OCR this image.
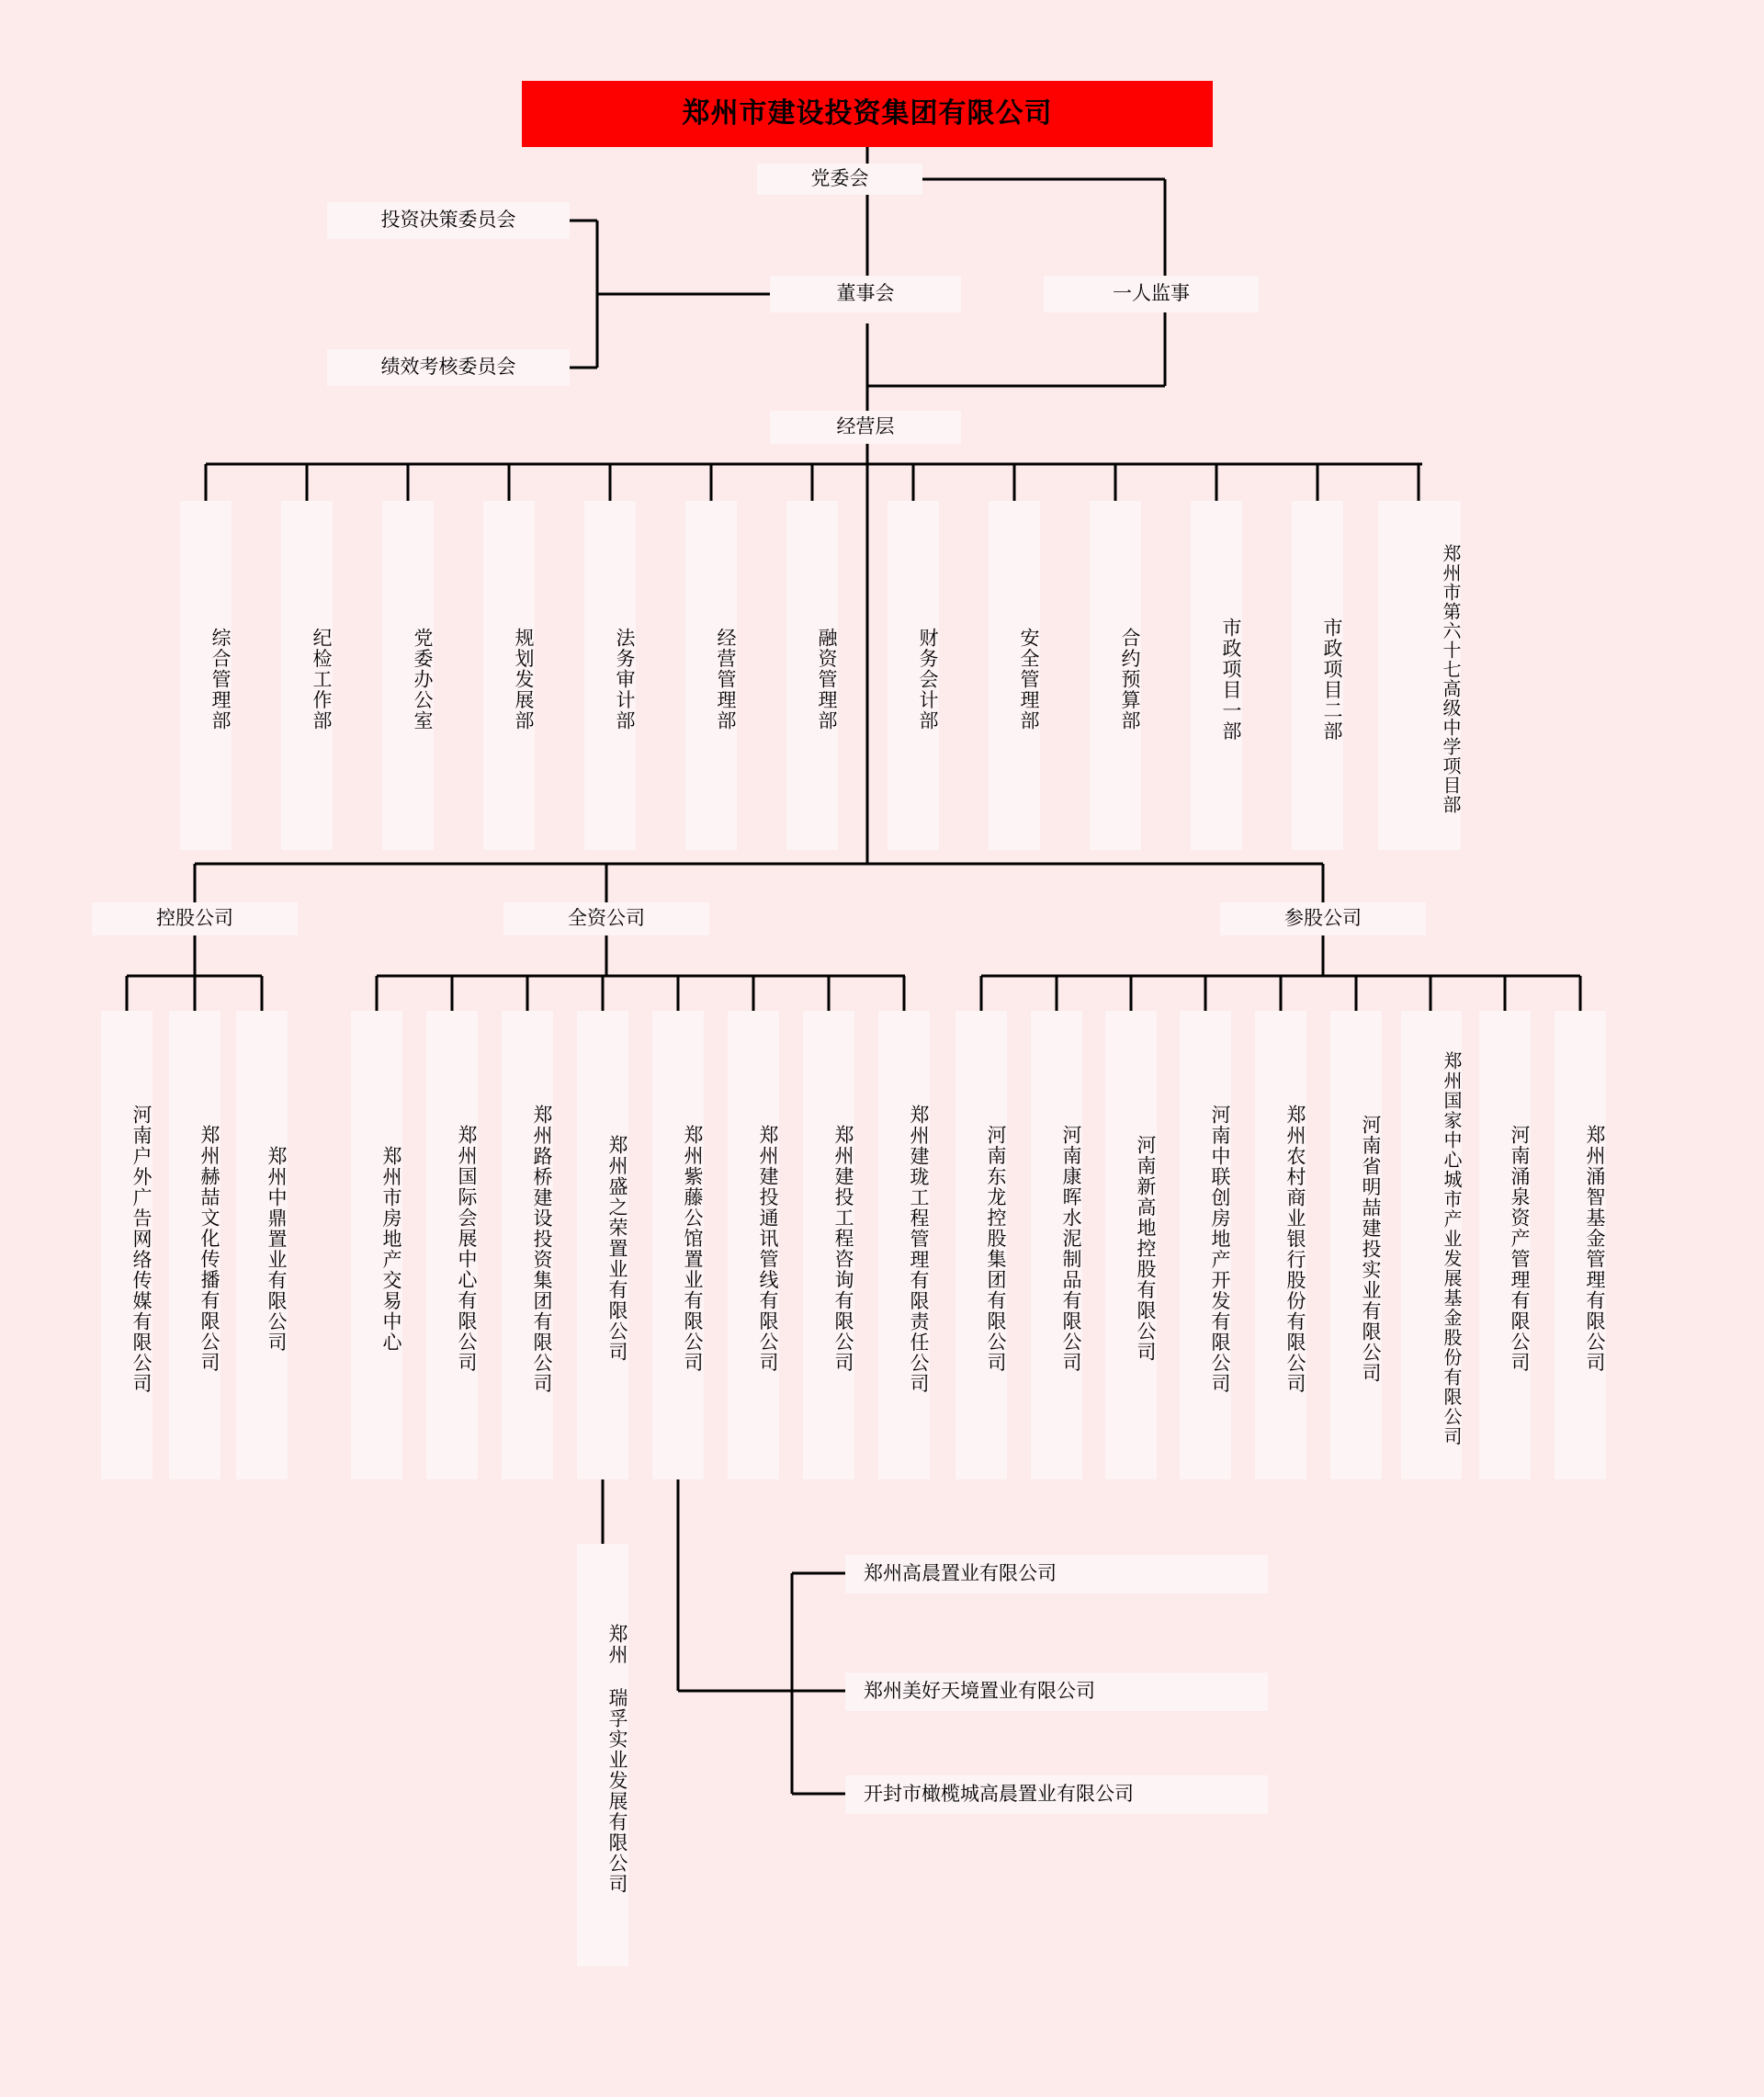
郑州市建设投资集团有限公司
党委会
董事会	一人监事
投资决策委员会
绩效考核委员会
经营层
综合管理部	纪检工作部	党委办公室	规划发展部	法务审计部	经营管理部	融资管理部	财务会计部	安全管理部	合约预算部	市政项目一部	市政项目二部	郑州市第六十七高级中学项目部
控股公司	全资公司	参股公司
河南户外广告网络传媒有限公司	郑州赫喆文化传播有限公司	郑州中鼎置业有限公司	郑州市房地产交易中心	郑州国际会展中心有限公司	郑州路桥建设投资集团有限公司	郑州盛之荣置业有限公司	郑州紫藤公馆置业有限公司	郑州建投通讯管线有限公司	郑州建投工程咨询有限公司	郑州建珑工程管理有限责任公司	河南东龙控股集团有限公司	河南康晖水泥制品有限公司	河南新高地控股有限公司	河南中联创房地产开发有限公司	郑州农村商业银行股份有限公司	河南省明喆建投实业有限公司	郑州国家中心城市产业发展基金股份有限公司	河南涌泉资产管理有限公司	郑州涌智基金管理有限公司
郑州 瑞孚实业发展有限公司
郑州高晨置业有限公司
郑州美好天境置业有限公司
开封市橄榄城高晨置业有限公司
